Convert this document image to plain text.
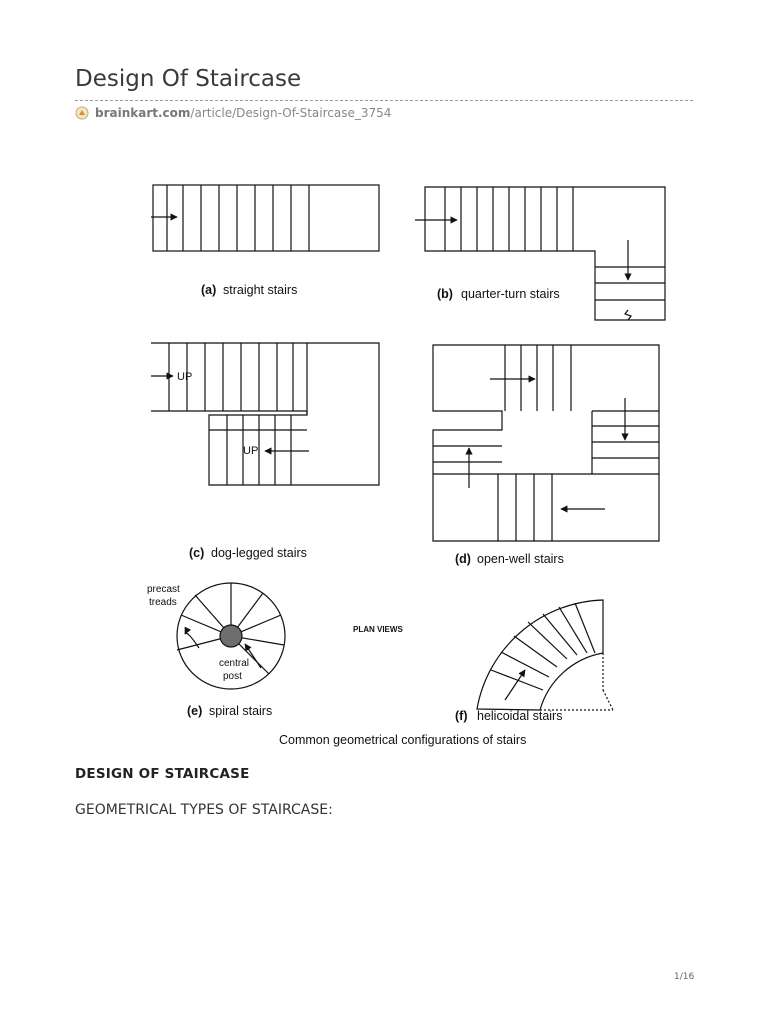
Design Of Staircase
brainkart.com/article/Design-Of-Staircase_3754
(a) straight stairs	(b) quarter-turn stairs
UP
UP
(c) dog-legged stairs	(d) open-well stairs
precast
treads
central
post
PLAN VIEWS
(e) spiral stairs	(f) helicoidal stairs
Common geometrical configurations of stairs
DESIGN OF STAIRCASE

GEOMETRICAL TYPES OF STAIRCASE:

1/16
